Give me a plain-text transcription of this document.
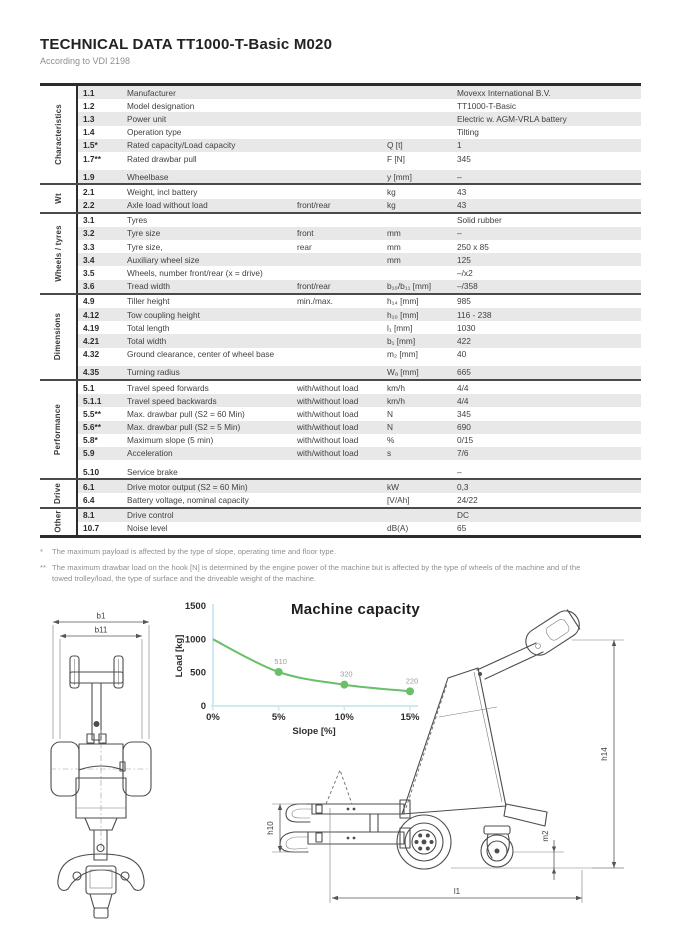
TECHNICAL DATA TT1000-T-Basic M020
According to VDI 2198
Characteristics
1.1	Manufacturer	Movexx International B.V.
1.2	Model designation	TT1000-T-Basic
1.3	Power unit	Electric w. AGM-VRLA battery
1.4	Operation type	Tilting
1.5*	Rated capacity/Load capacity	Q [t]	1
1.7**	Rated drawbar pull	F [N]	345
1.9	Wheelbase	y [mm]	–
Wt
2.1	Weight, incl battery	kg	43
2.2	Axle load without load	front/rear	kg	43
Wheels / tyres
3.1	Tyres	Solid rubber
3.2	Tyre size	front	mm	–
3.3	Tyre size,	rear	mm	250 x 85
3.4	Auxiliary wheel size	mm	125
3.5	Wheels, number front/rear (x = drive)	–/x2
3.6	Tread width	front/rear	b₁₀/b₁₁ [mm]	–/358
Dimensions
4.9	Tiller height	min./max.	h₁₄ [mm]	985
4.12	Tow coupling height	h₁₀ [mm]	116 - 238
4.19	Total length	l₁ [mm]	1030
4.21	Total width	b₁ [mm]	422
4.32	Ground clearance, center of wheel base	m₂ [mm]	40
4.35	Turning radius	Wₐ [mm]	665
Performance
5.1	Travel speed forwards	with/without load	km/h	4/4
5.1.1	Travel speed backwards	with/without load	km/h	4/4
5.5**	Max. drawbar pull (S2 = 60 Min)	with/without load	N	345
5.6**	Max. drawbar pull (S2 = 5 Min)	with/without load	N	690
5.8*	Maximum slope (5 min)	with/without load	%	0/15
5.9	Acceleration	with/without load	s	7/6
5.10	Service brake	–
Drive	6.1	Drive motor output (S2 = 60 Min)	kW	0,3
6.4	Battery voltage, nominal capacity	[V/Ah]	24/22
Other	8.1	Drive control	DC
10.7	Noise level	dB(A)	65
*	The maximum payload is affected by the type of slope, operating time and floor type.
** The maximum drawbar load on the hook [N] is determined by the engine power of the machine but is affected by the type of wheels of the machine and of the towed trolley/load, the type of surface and the driveable weight of the machine.
b1
b11
Machine capacity
0
500
1000
1500
510
320
220
0%	5%	10%	15%
Slope [%]
Load [kg]
h10
h14
m2
l1
